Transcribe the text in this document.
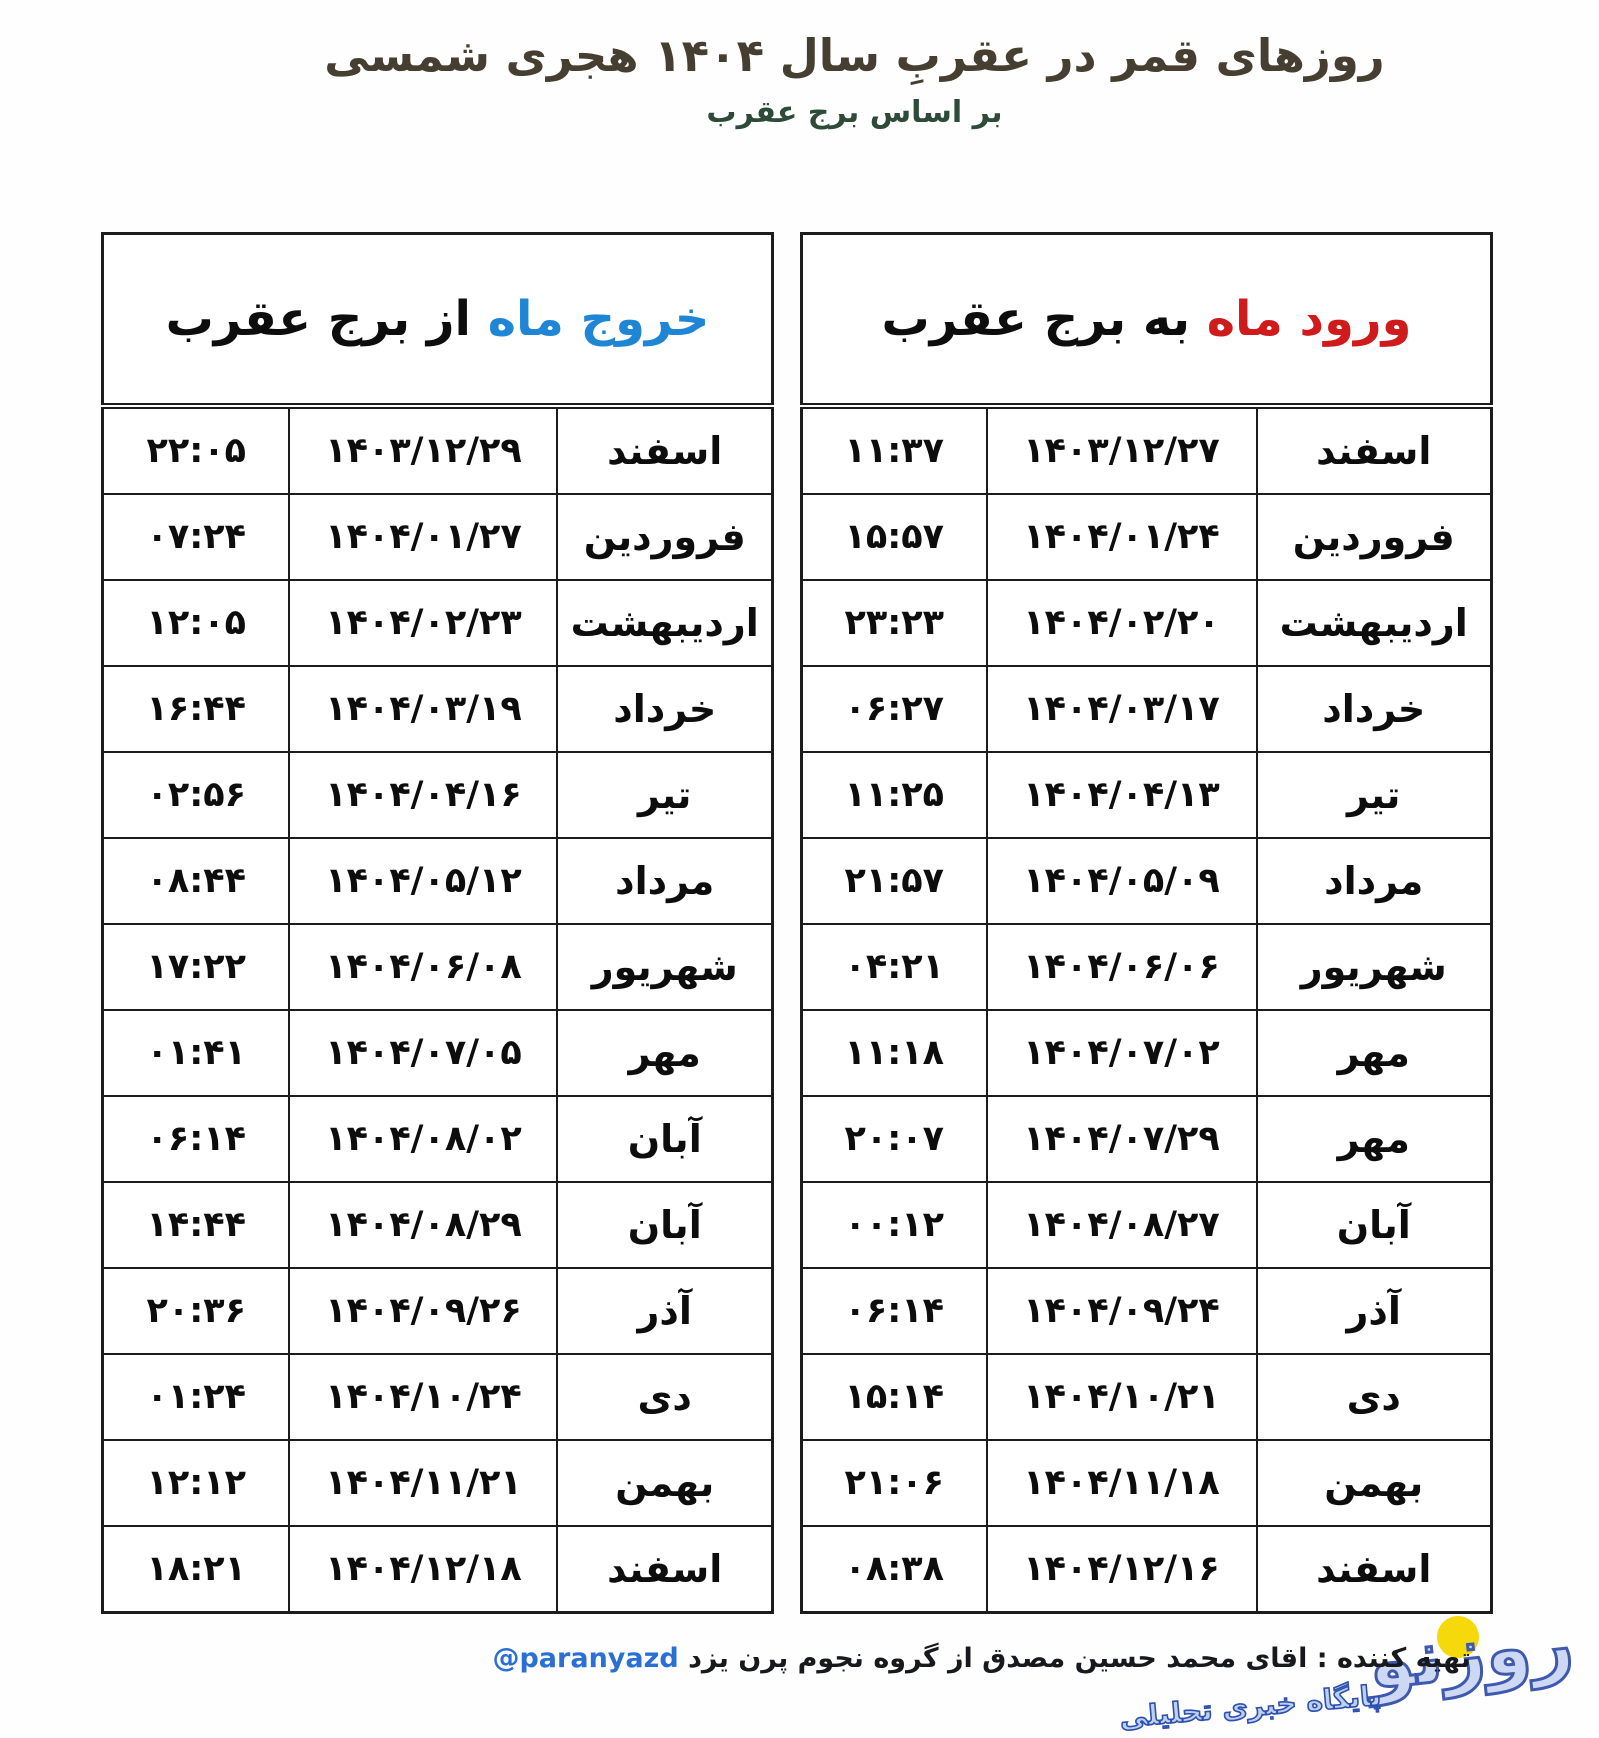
روزهای قمر در عقربِ سال ۱۴۰۴ هجری شمسی
بر اساس برج عقرب
ورود ماه به برج عقرب		
اسفند	۱۴۰۳/۱۲/۲۷	۱۱:۳۷
فروردین	۱۴۰۴/۰۱/۲۴	۱۵:۵۷
اردیبهشت	۱۴۰۴/۰۲/۲۰	۲۳:۲۳
خرداد	۱۴۰۴/۰۳/۱۷	۰۶:۲۷
تیر	۱۴۰۴/۰۴/۱۳	۱۱:۲۵
مرداد	۱۴۰۴/۰۵/۰۹	۲۱:۵۷
شهریور	۱۴۰۴/۰۶/۰۶	۰۴:۲۱
مهر	۱۴۰۴/۰۷/۰۲	۱۱:۱۸
مهر	۱۴۰۴/۰۷/۲۹	۲۰:۰۷
آبان	۱۴۰۴/۰۸/۲۷	۰۰:۱۲
آذر	۱۴۰۴/۰۹/۲۴	۰۶:۱۴
دی	۱۴۰۴/۱۰/۲۱	۱۵:۱۴
بهمن	۱۴۰۴/۱۱/۱۸	۲۱:۰۶
اسفند	۱۴۰۴/۱۲/۱۶	۰۸:۳۸
خروج ماه از برج عقرب		
اسفند	۱۴۰۳/۱۲/۲۹	۲۲:۰۵
فروردین	۱۴۰۴/۰۱/۲۷	۰۷:۲۴
اردیبهشت	۱۴۰۴/۰۲/۲۳	۱۲:۰۵
خرداد	۱۴۰۴/۰۳/۱۹	۱۶:۴۴
تیر	۱۴۰۴/۰۴/۱۶	۰۲:۵۶
مرداد	۱۴۰۴/۰۵/۱۲	۰۸:۴۴
شهریور	۱۴۰۴/۰۶/۰۸	۱۷:۲۲
مهر	۱۴۰۴/۰۷/۰۵	۰۱:۴۱
آبان	۱۴۰۴/۰۸/۰۲	۰۶:۱۴
آبان	۱۴۰۴/۰۸/۲۹	۱۴:۴۴
آذر	۱۴۰۴/۰۹/۲۶	۲۰:۳۶
دی	۱۴۰۴/۱۰/۲۴	۰۱:۲۴
بهمن	۱۴۰۴/۱۱/۲۱	۱۲:۱۲
اسفند	۱۴۰۴/۱۲/۱۸	۱۸:۲۱
تهیه کننده : اقای محمد حسین مصدق از گروه نجوم پرن یزد @paranyazd	روزنو
پایگاه خبری تحلیلی
